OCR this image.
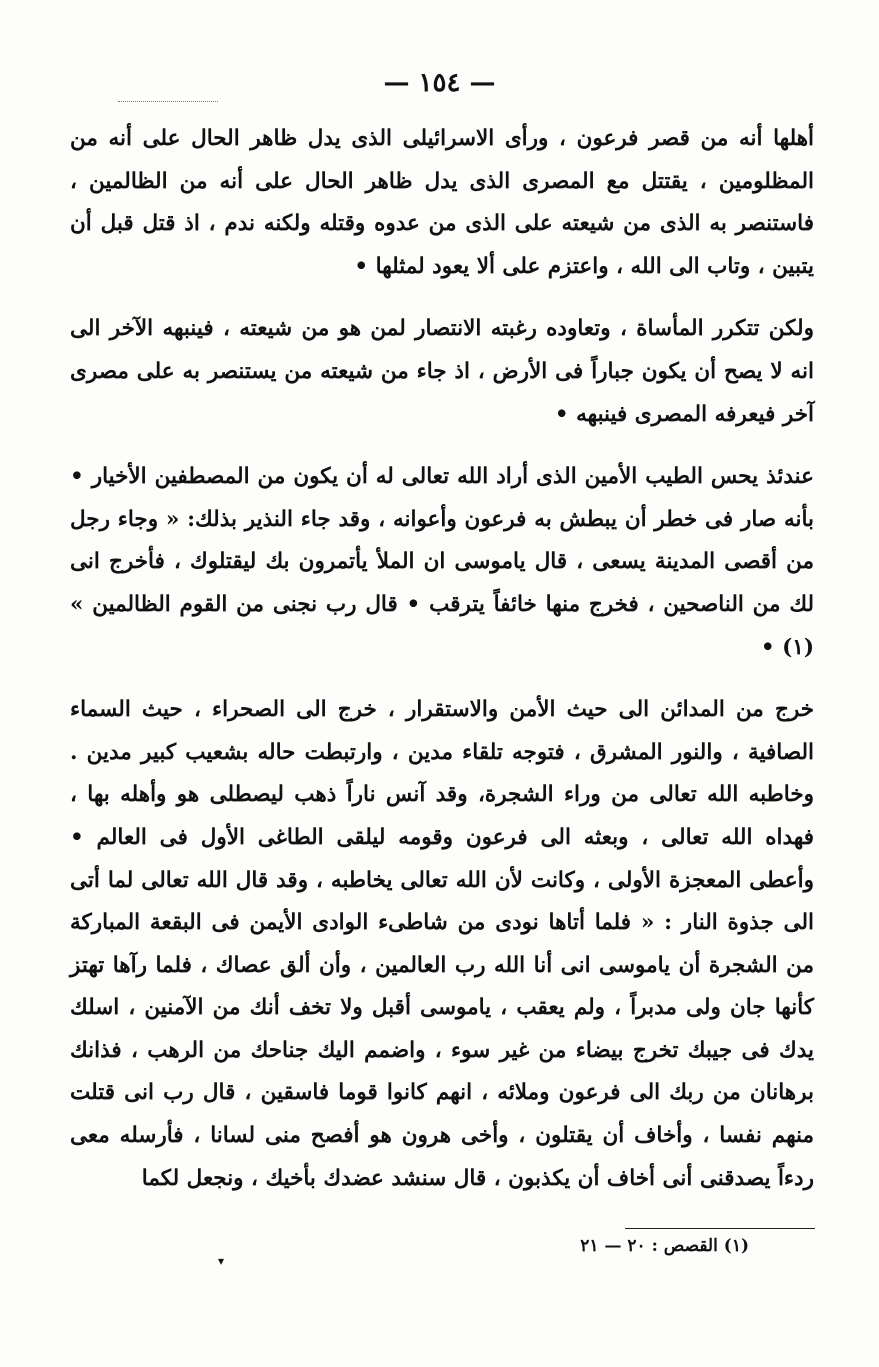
— ١٥٤ —

أهلها أنه من قصر فرعون ، ورأى الاسرائيلى الذى يدل ظاهر الحال على أنه من المظلومين ، يقتتل مع المصرى الذى يدل ظاهر الحال على أنه من الظالمين ، فاستنصر به الذى من شيعته على الذى من عدوه وقتله ولكنه ندم ، اذ قتل قبل أن يتبين ، وتاب الى الله ، واعتزم على ألا يعود لمثلها •

ولكن تتكرر المأساة ، وتعاوده رغبته الانتصار لمن هو من شيعته ، فينبهه الآخر الى انه لا يصح أن يكون جباراً فى الأرض ، اذ جاء من شيعته من يستنصر به على مصرى آخر فيعرفه المصرى فينبهه •

عندئذ يحس الطيب الأمين الذى أراد الله تعالى له أن يكون من المصطفين الأخيار • بأنه صار فى خطر أن يبطش به فرعون وأعوانه ، وقد جاء النذير بذلك: « وجاء رجل من أقصى المدينة يسعى ، قال ياموسى ان الملأ يأتمرون بك ليقتلوك ، فأخرج انى لك من الناصحين ، فخرج منها خائفاً يترقب • قال رب نجنى من القوم الظالمين » (١) •

خرج من المدائن الى حيث الأمن والاستقرار ، خرج الى الصحراء ، حيث السماء الصافية ، والنور المشرق ، فتوجه تلقاء مدين ، وارتبطت حاله بشعيب كبير مدين . وخاطبه الله تعالى من وراء الشجرة، وقد آنس ناراً ذهب ليصطلى هو وأهله بها ، فهداه الله تعالى ، وبعثه الى فرعون وقومه ليلقى الطاغى الأول فى العالم • وأعطى المعجزة الأولى ، وكانت لأن الله تعالى يخاطبه ، وقد قال الله تعالى لما أتى الى جذوة النار : « فلما أتاها نودى من شاطىء الوادى الأيمن فى البقعة المباركة من الشجرة أن ياموسى انى أنا الله رب العالمين ، وأن ألق عصاك ، فلما رآها تهتز كأنها جان ولى مدبراً ، ولم يعقب ، ياموسى أقبل ولا تخف أنك من الآمنين ، اسلك يدك فى جيبك تخرج بيضاء من غير سوء ، واضمم اليك جناحك من الرهب ، فذانك برهانان من ربك الى فرعون وملائه ، انهم كانوا قوما فاسقين ، قال رب انى قتلت منهم نفسا ، وأخاف أن يقتلون ، وأخى هرون هو أفصح منى لسانا ، فأرسله معى ردءاً يصدقنى أنى أخاف أن يكذبون ، قال سنشد عضدك بأخيك ، ونجعل لكما

(١) القصص : ٢٠ — ٢١
▾
